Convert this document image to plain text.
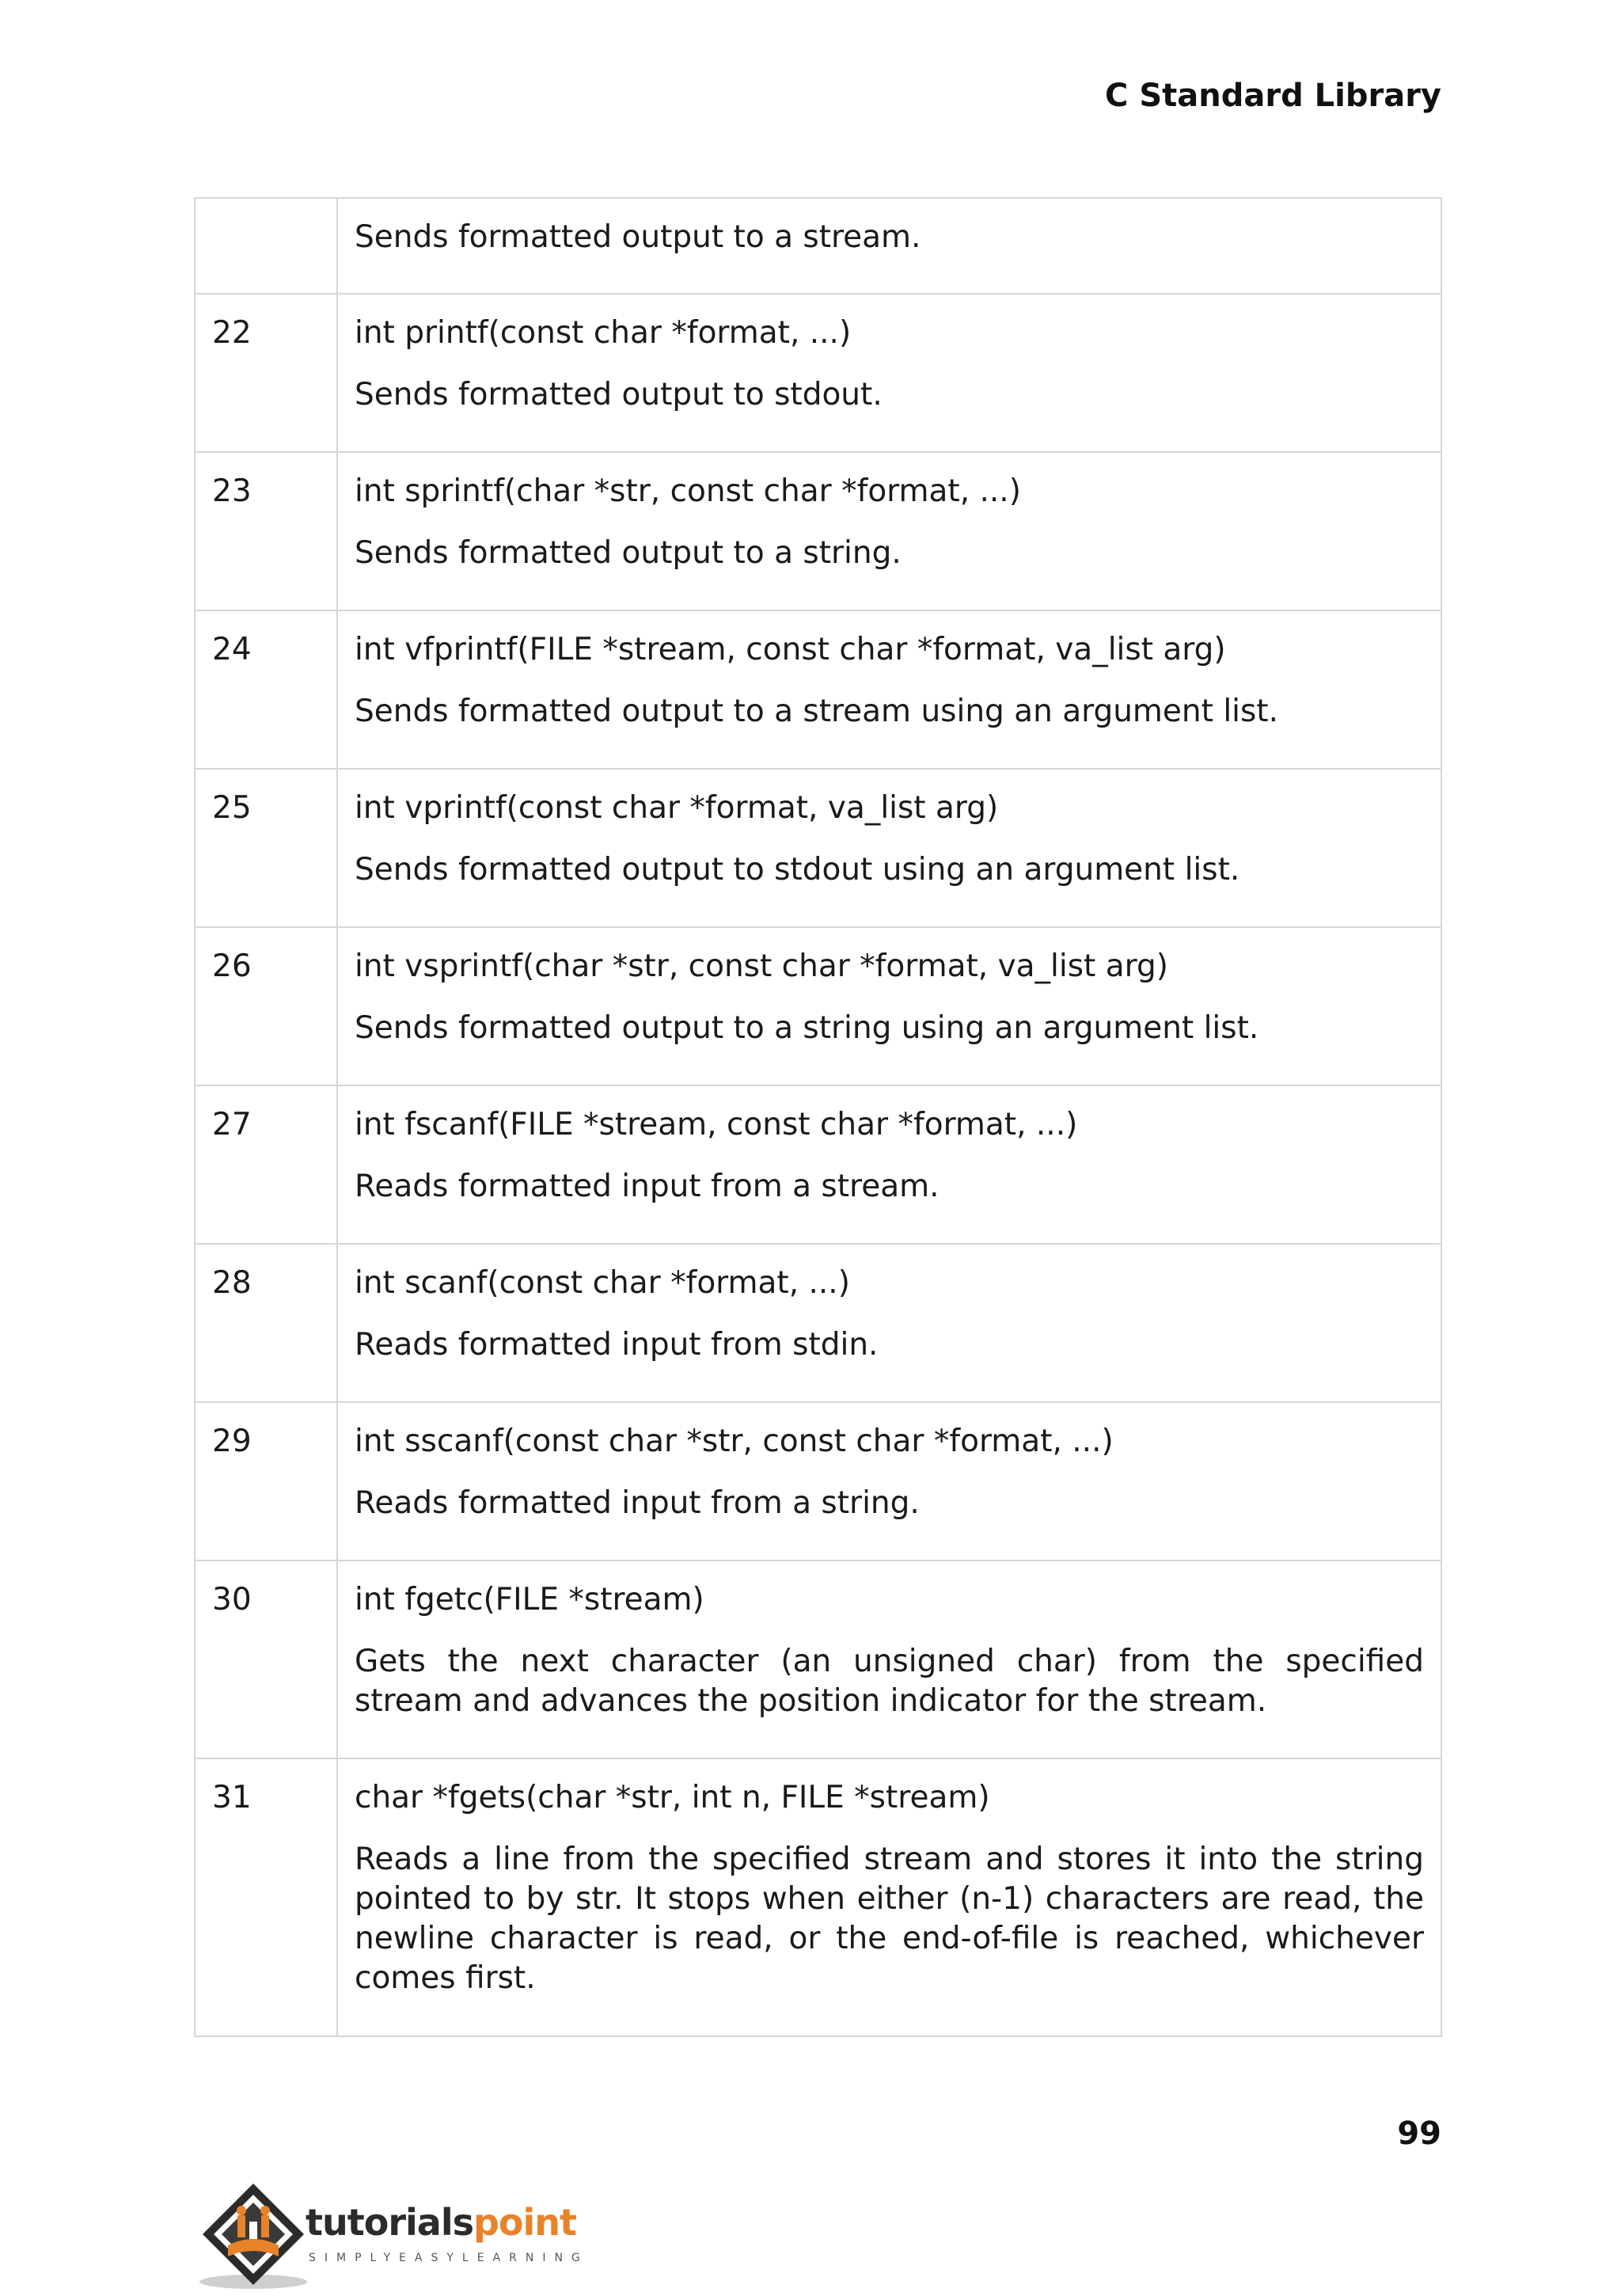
C Standard Library

	Sends formatted output to a stream.

22	int printf(const char *format, ...)
Sends formatted output to stdout.

23	int sprintf(char *str, const char *format, ...)
Sends formatted output to a string.

24	int vfprintf(FILE *stream, const char *format, va_list arg)
Sends formatted output to a stream using an argument list.

25	int vprintf(const char *format, va_list arg)
Sends formatted output to stdout using an argument list.

26	int vsprintf(char *str, const char *format, va_list arg)
Sends formatted output to a string using an argument list.

27	int fscanf(FILE *stream, const char *format, ...)
Reads formatted input from a stream.

28	int scanf(const char *format, ...)
Reads formatted input from stdin.

29	int sscanf(const char *str, const char *format, ...)
Reads formatted input from a string.

30	int fgetc(FILE *stream)
Gets the next character (an unsigned char) from the specified stream and advances the position indicator for the stream.

31	char *fgets(char *str, int n, FILE *stream)
Reads a line from the specified stream and stores it into the string pointed to by str. It stops when either (n-1) characters are read, the newline character is read, or the end-of-file is reached, whichever comes first.
99
tutorialspoint
SIMPLYEASYLEARNING
